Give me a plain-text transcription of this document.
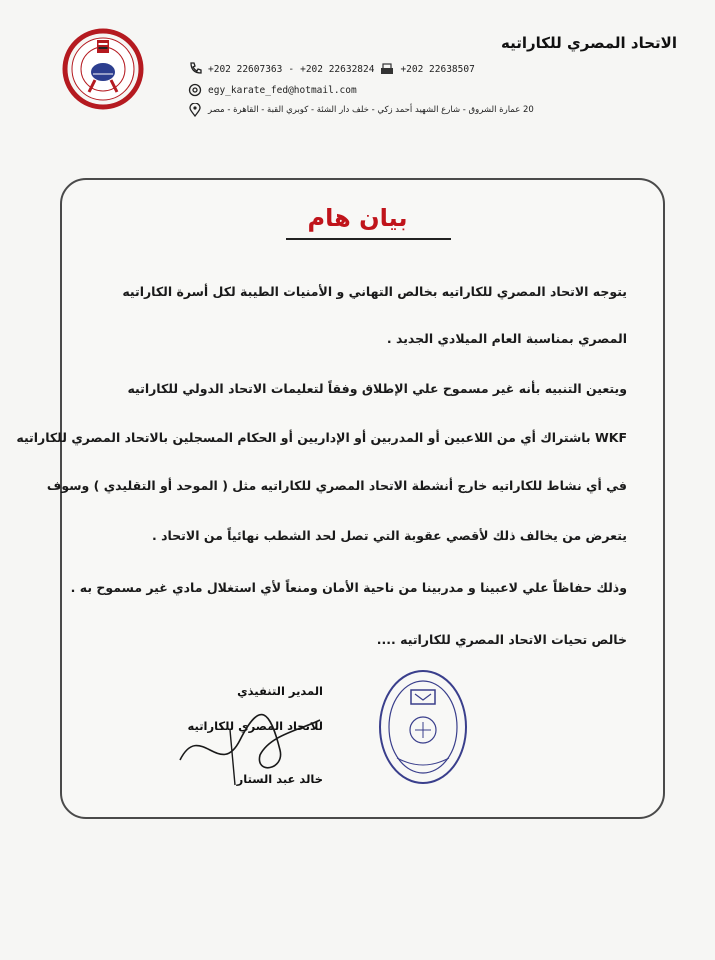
الاتحاد المصري للكاراتيه
+202 22607363 - +202 22632824	+202 22638507
egy_karate_fed@hotmail.com
20 عمارة الشروق - شارع الشهيد أحمد زكي - خلف دار الشئة - كوبري القبة - القاهرة - مصر
بيان هام
يتوجه الاتحاد المصري للكاراتيه بخالص التهاني و الأمنيات الطيبة لكل أسرة الكاراتيه
المصري بمناسبة العام الميلادي الجديد .
ويتعين التنبيه بأنه غير مسموح علي الإطلاق وفقاً لتعليمات الاتحاد الدولي للكاراتيه
WKF باشتراك أي من اللاعبين أو المدربين أو الإداريين أو الحكام المسجلين بالاتحاد المصري للكاراتيه
في أي نشاط للكاراتيه خارج أنشطة الاتحاد المصري للكاراتيه مثل ( الموحد أو التقليدي ) وسوف
يتعرض من يخالف ذلك لأقصي عقوبة التي تصل لحد الشطب نهائياً من الاتحاد .
وذلك حفاظاً علي لاعبينا و مدربينا من ناحية الأمان ومنعاً لأي استغلال مادي غير مسموح به .
خالص تحيات الاتحاد المصري للكاراتيه ....
المدير التنفيذي
للاتحاد المصري للكاراتيه
خالد عبد الستار
